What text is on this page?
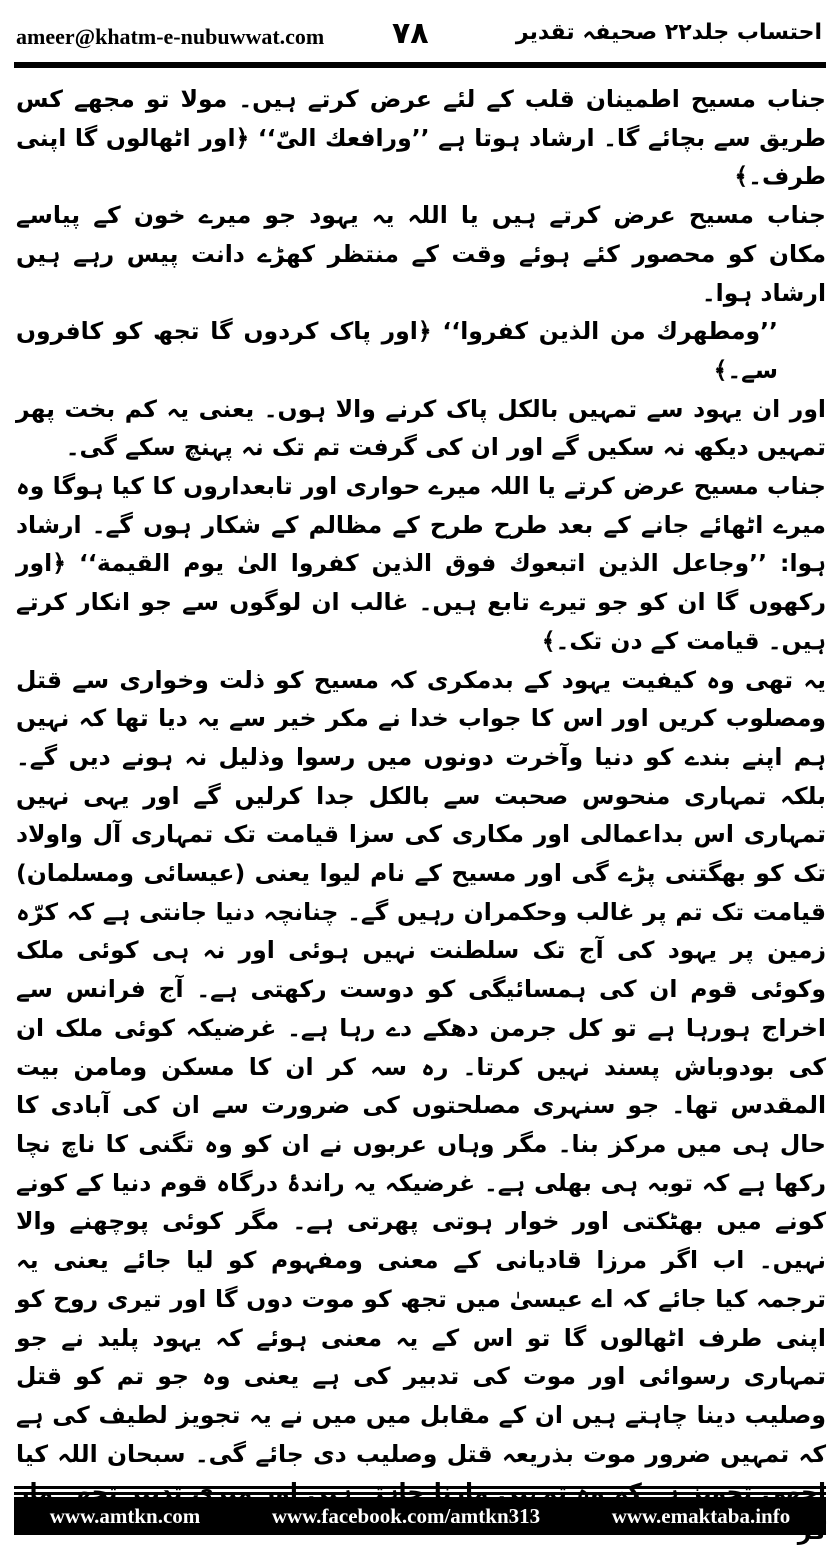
ameer@khatm-e-nubuwwat.com ۷۸	احتساب جلد۲۲ صحیفہ تقدیر

جناب مسیح اطمینان قلب کے لئے عرض کرتے ہیں۔ مولا تو مجھے کس طریق سے بچائے گا۔ ارشاد ہوتا ہے ’’ورافعك الیّ‘‘ ﴿اور اٹھالوں گا اپنی طرف۔﴾

جناب مسیح عرض کرتے ہیں یا اللہ یہ یہود جو میرے خون کے پیاسے مکان کو محصور کئے ہوئے وقت کے منتظر کھڑے دانت پیس رہے ہیں ارشاد ہوا۔

’’ومطهرك من الذین كفروا‘‘ ﴿اور پاک کردوں گا تجھ کو کافروں سے۔﴾

اور ان یہود سے تمہیں بالکل پاک کرنے والا ہوں۔ یعنی یہ کم بخت پھر تمہیں دیکھ نہ سکیں گے اور ان کی گرفت تم تک نہ پہنچ سکے گی۔

جناب مسیح عرض کرتے یا اللہ میرے حواری اور تابعداروں کا کیا ہوگا وہ میرے اٹھائے جانے کے بعد طرح طرح کے مظالم کے شکار ہوں گے۔ ارشاد ہوا: ’’وجاعل الذین اتبعوك فوق الذین كفروا الیٰ یوم القیمة‘‘ ﴿اور رکھوں گا ان کو جو تیرے تابع ہیں۔ غالب ان لوگوں سے جو انکار کرتے ہیں۔ قیامت کے دن تک۔﴾

یہ تھی وہ کیفیت یہود کے بدمکری کہ مسیح کو ذلت وخواری سے قتل ومصلوب کریں اور اس کا جواب خدا نے مکر خیر سے یہ دیا تھا کہ نہیں ہم اپنے بندے کو دنیا وآخرت دونوں میں رسوا وذلیل نہ ہونے دیں گے۔ بلکہ تمہاری منحوس صحبت سے بالکل جدا کرلیں گے اور یہی نہیں تمہاری اس بداعمالی اور مکاری کی سزا قیامت تک تمہاری آل واولاد تک کو بھگتنی پڑے گی اور مسیح کے نام لیوا یعنی (عیسائی ومسلمان) قیامت تک تم پر غالب وحکمران رہیں گے۔ چنانچہ دنیا جانتی ہے کہ کرّہ زمین پر یہود کی آج تک سلطنت نہیں ہوئی اور نہ ہی کوئی ملک وکوئی قوم ان کی ہمسائیگی کو دوست رکھتی ہے۔ آج فرانس سے اخراج ہورہا ہے تو کل جرمن دھکے دے رہا ہے۔ غرضیکہ کوئی ملک ان کی بودوباش پسند نہیں کرتا۔ رہ سہ کر ان کا مسکن ومامن بیت المقدس تھا۔ جو سنہری مصلحتوں کی ضرورت سے ان کی آبادی کا حال ہی میں مرکز بنا۔ مگر وہاں عربوں نے ان کو وہ تگنی کا ناچ نچا رکھا ہے کہ توبہ ہی بھلی ہے۔ غرضیکہ یہ راندۂ درگاہ قوم دنیا کے کونے کونے میں بھٹکتی اور خوار ہوتی پھرتی ہے۔ مگر کوئی پوچھنے والا نہیں۔ اب اگر مرزا قادیانی کے معنی ومفہوم کو لیا جائے یعنی یہ ترجمہ کیا جائے کہ اے عیسیٰ میں تجھ کو موت دوں گا اور تیری روح کو اپنی طرف اٹھالوں گا تو اس کے یہ معنی ہوئے کہ یہود پلید نے جو تمہاری رسوائی اور موت کی تدبیر کی ہے یعنی وہ جو تم کو قتل وصلیب دینا چاہتے ہیں ان کے مقابل میں میں نے یہ تجویز لطیف کی ہے کہ تمہیں ضرور موت بذریعہ قتل وصلیب دی جائے گی۔ سبحان اللہ کیا

www.amtkn.com	www.facebook.com/amtkn313	www.emaktaba.info
